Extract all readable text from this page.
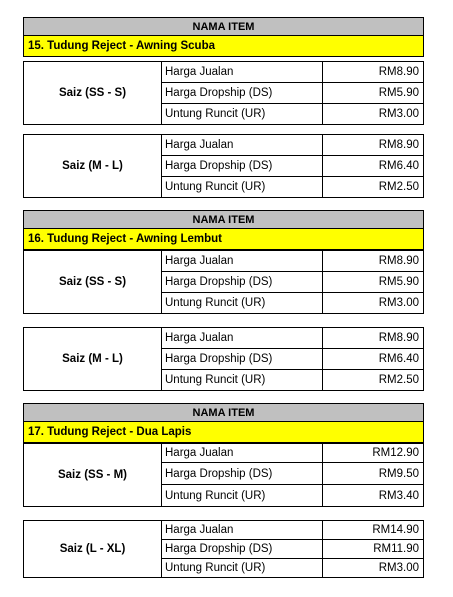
NAMA ITEM
15. Tudung Reject - Awning Scuba
Saiz (SS - S)	Harga Jualan	RM8.90
	Harga Dropship (DS)	RM5.90
	Untung Runcit (UR)	RM3.00
Saiz (M - L)	Harga Jualan	RM8.90
	Harga Dropship (DS)	RM6.40
	Untung Runcit (UR)	RM2.50
NAMA ITEM
16. Tudung Reject - Awning Lembut
Saiz (SS - S)	Harga Jualan	RM8.90
	Harga Dropship (DS)	RM5.90
	Untung Runcit (UR)	RM3.00
Saiz (M - L)	Harga Jualan	RM8.90
	Harga Dropship (DS)	RM6.40
	Untung Runcit (UR)	RM2.50
NAMA ITEM
17. Tudung Reject - Dua Lapis
Saiz (SS - M)	Harga Jualan	RM12.90
	Harga Dropship (DS)	RM9.50
	Untung Runcit (UR)	RM3.40
Saiz (L - XL)	Harga Jualan	RM14.90
	Harga Dropship (DS)	RM11.90
	Untung Runcit (UR)	RM3.00
